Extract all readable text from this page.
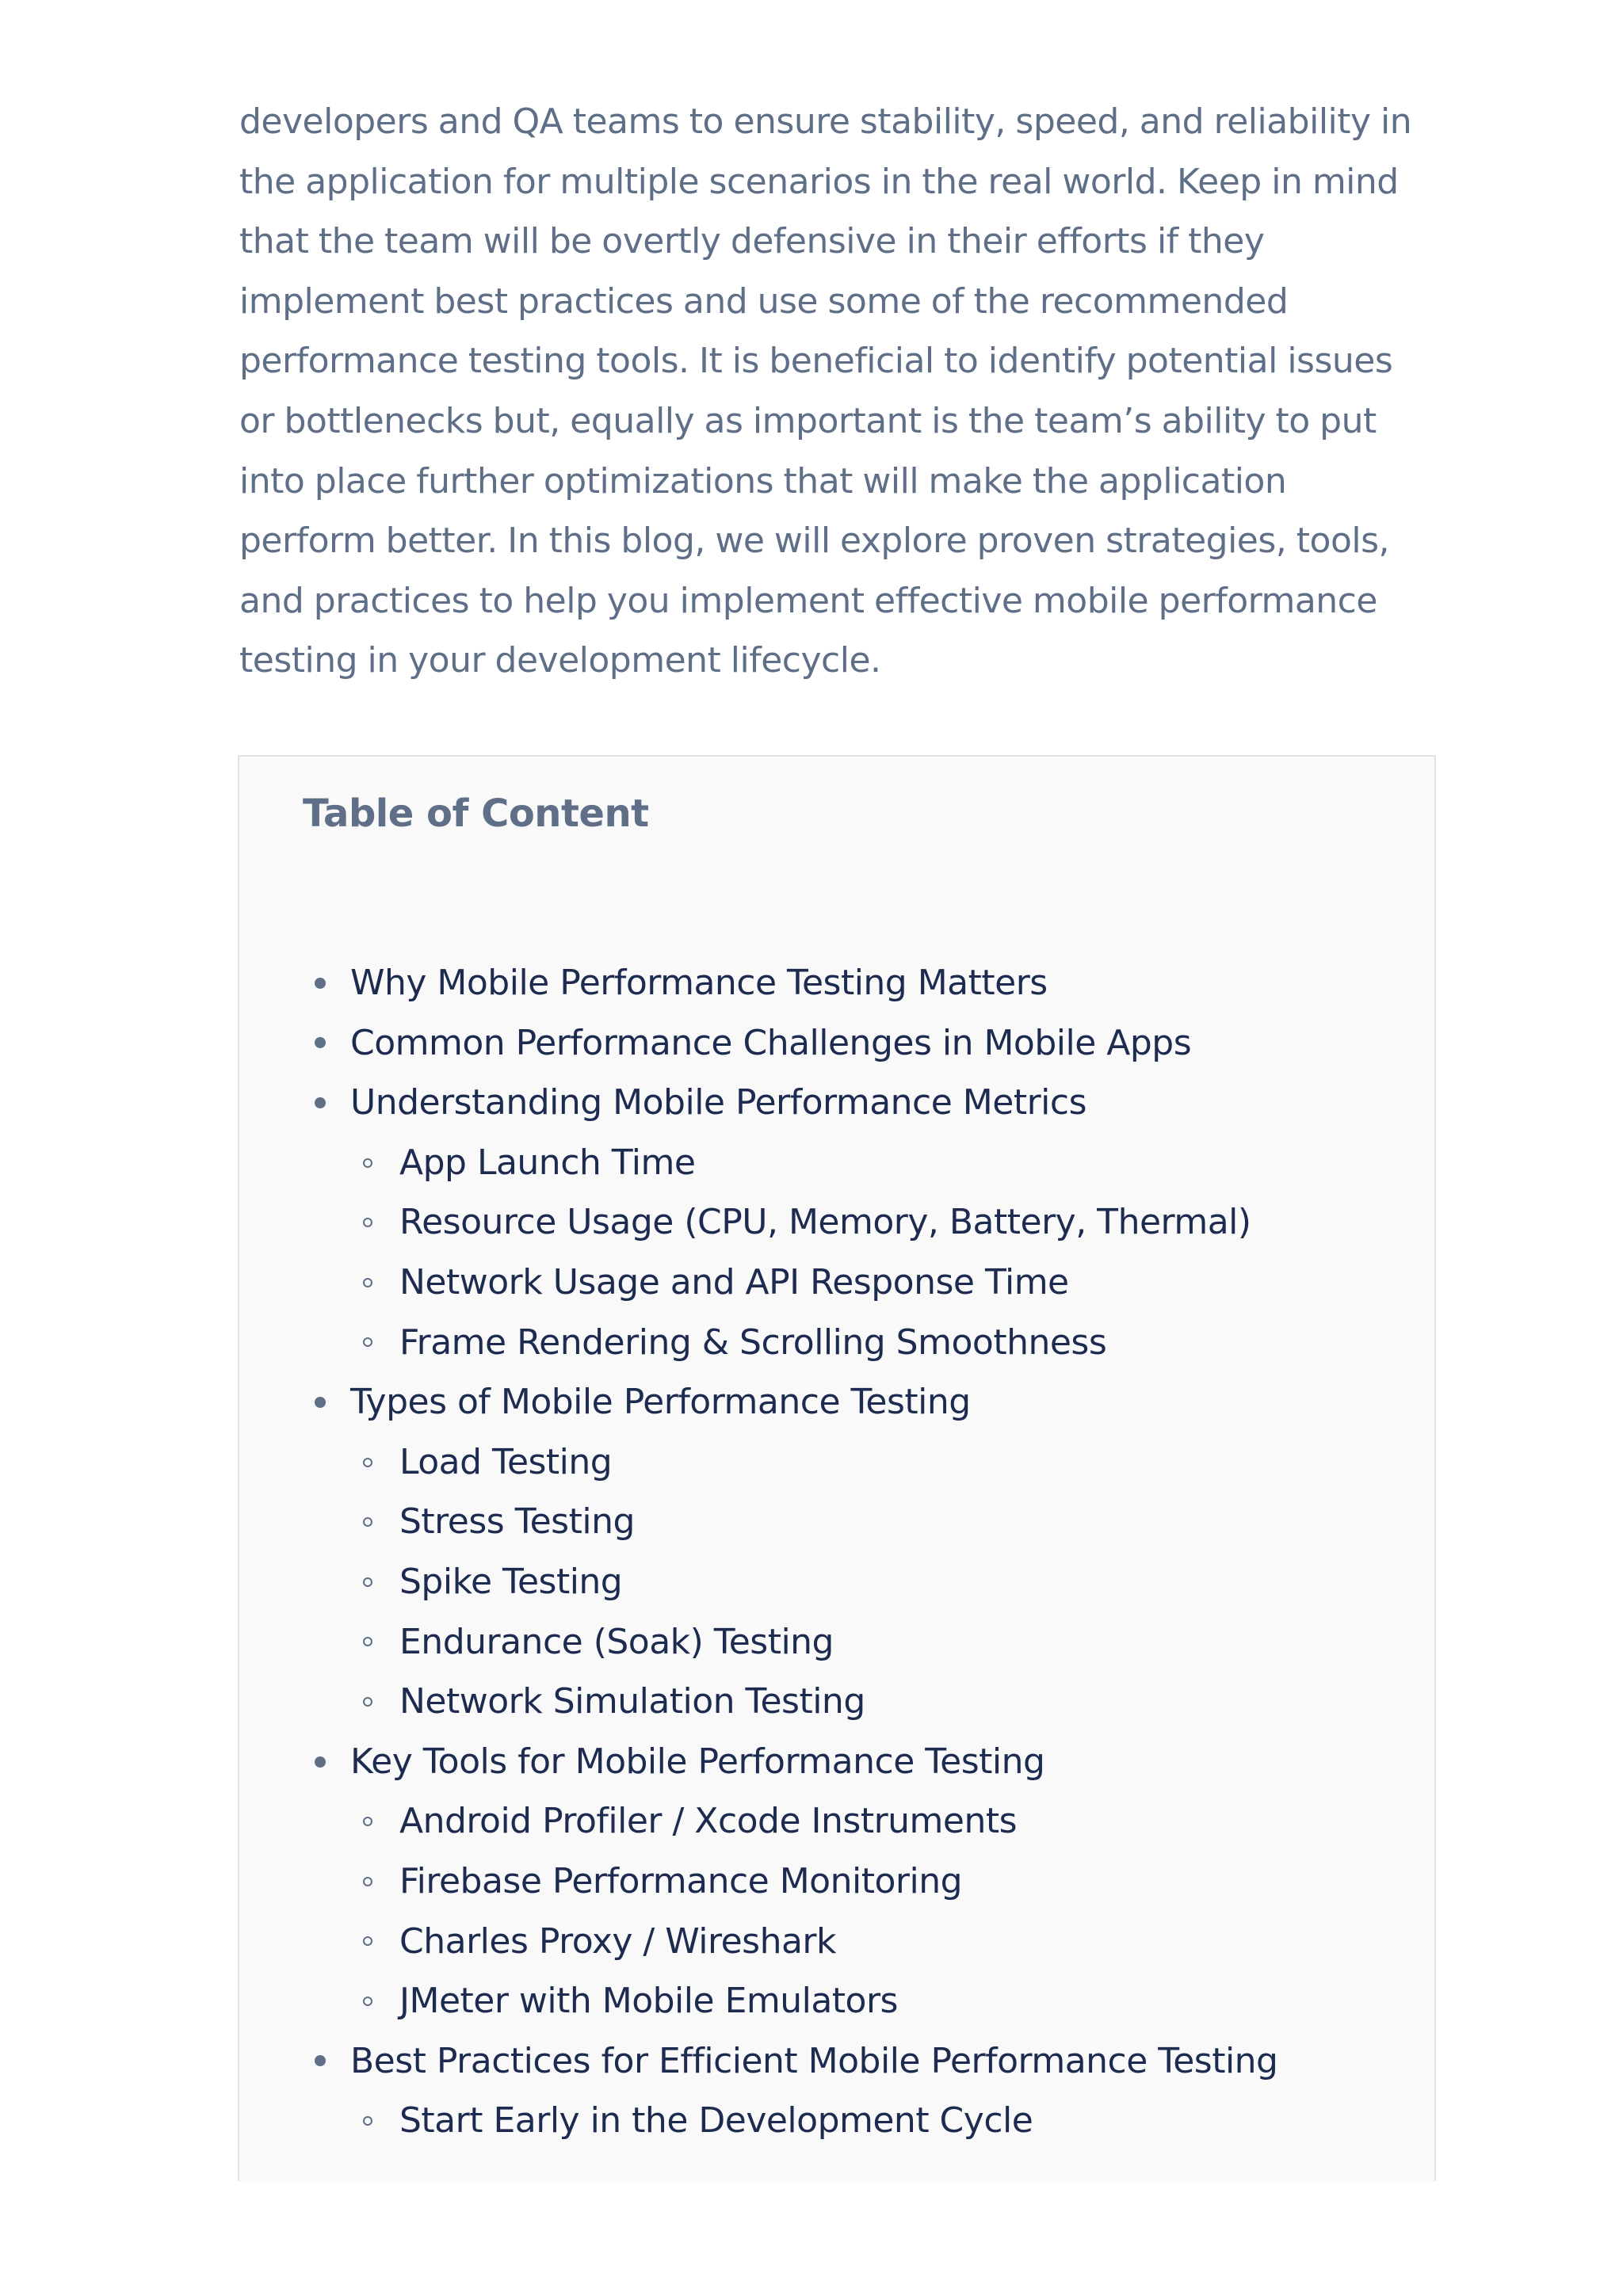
developers and QA teams to ensure stability, speed, and reliability in
the application for multiple scenarios in the real world. Keep in mind
that the team will be overtly defensive in their efforts if they
implement best practices and use some of the recommended
performance testing tools. It is beneficial to identify potential issues
or bottlenecks but, equally as important is the team’s ability to put
into place further optimizations that will make the application
perform better. In this blog, we will explore proven strategies, tools,
and practices to help you implement effective mobile performance
testing in your development lifecycle.

Table of Content
Why Mobile Performance Testing Matters
Common Performance Challenges in Mobile Apps
Understanding Mobile Performance Metrics
App Launch Time
Resource Usage (CPU, Memory, Battery, Thermal)
Network Usage and API Response Time
Frame Rendering & Scrolling Smoothness
Types of Mobile Performance Testing
Load Testing
Stress Testing
Spike Testing
Endurance (Soak) Testing
Network Simulation Testing
Key Tools for Mobile Performance Testing
Android Profiler / Xcode Instruments
Firebase Performance Monitoring
Charles Proxy / Wireshark
JMeter with Mobile Emulators
Best Practices for Efficient Mobile Performance Testing
Start Early in the Development Cycle
